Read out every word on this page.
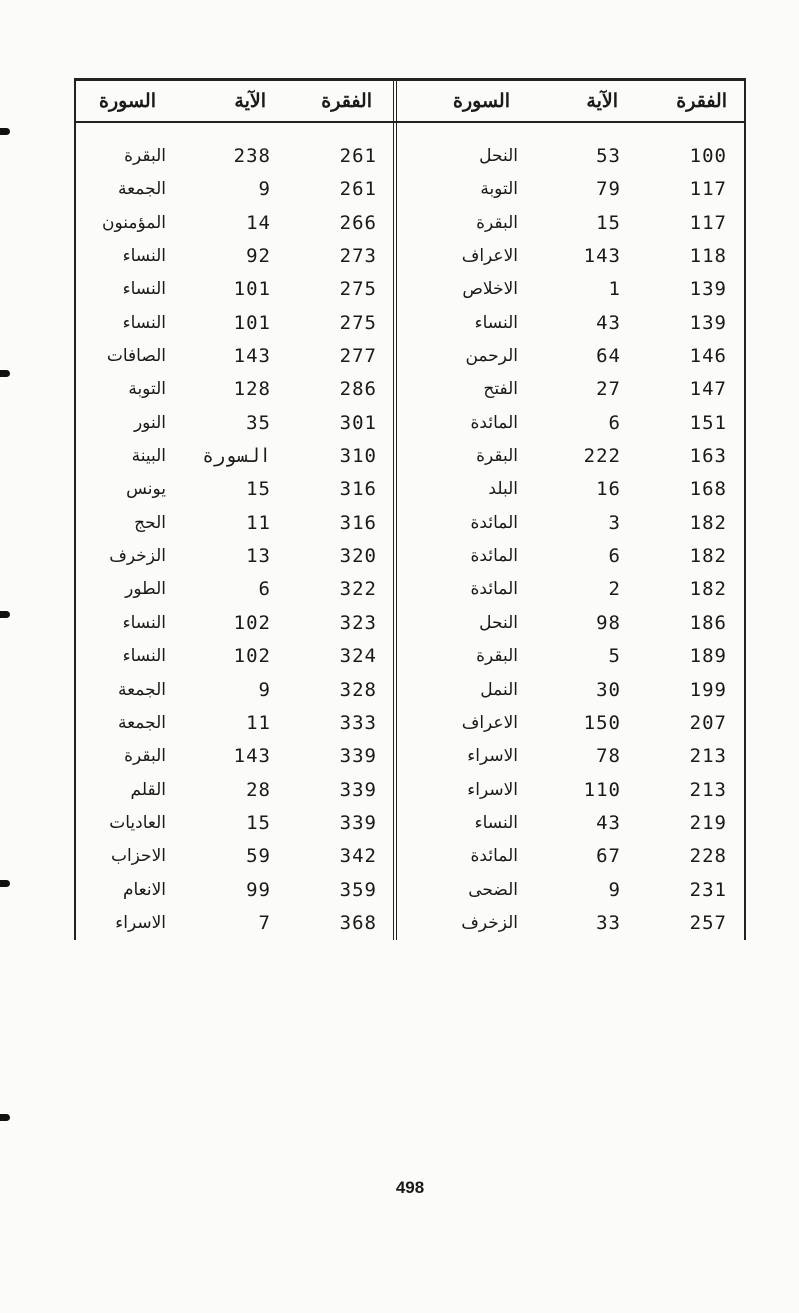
الفقرة
الآية
السورة
الفقرة
الآية
السورة
100
53
النحل
117
79
التوبة
117
15
البقرة
118
143
الاعراف
139
1
الاخلاص
139
43
النساء
146
64
الرحمن
147
27
الفتح
151
6
المائدة
163
222
البقرة
168
16
البلد
182
3
المائدة
182
6
المائدة
182
2
المائدة
186
98
النحل
189
5
البقرة
199
30
النمل
207
150
الاعراف
213
78
الاسراء
213
110
الاسراء
219
43
النساء
228
67
المائدة
231
9
الضحى
257
33
الزخرف
261
238
البقرة
261
9
الجمعة
266
14
المؤمنون
273
92
النساء
275
101
النساء
275
101
النساء
277
143
الصافات
286
128
التوبة
301
35
النور
310
السورة
البينة
316
15
يونس
316
11
الحج
320
13
الزخرف
322
6
الطور
323
102
النساء
324
102
النساء
328
9
الجمعة
333
11
الجمعة
339
143
البقرة
339
28
القلم
339
15
العاديات
342
59
الاحزاب
359
99
الانعام
368
7
الاسراء
498
